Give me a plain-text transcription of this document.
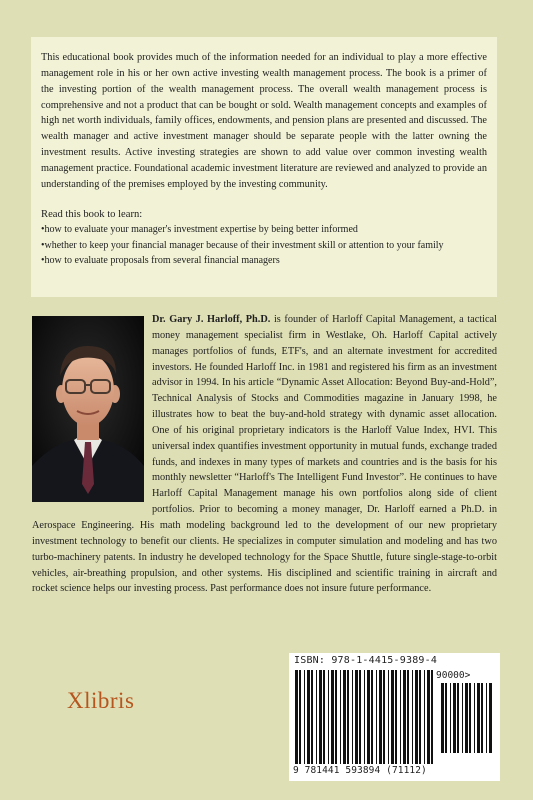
This educational book provides much of the information needed for an individual to play a more effective management role in his or her own active investing wealth management process. The book is a primer of the investing portion of the wealth management process. The overall wealth management process is comprehensive and not a product that can be bought or sold. Wealth management concepts and examples of high net worth individuals, family offices, endowments, and pension plans are presented and discussed. The wealth manager and active investment manager should be separate people with the latter owning the investment results. Active investing strategies are shown to add value over common investing wealth management practice. Foundational academic investment literature are reviewed and analyzed to provide an understanding of the premises employed by the investing community.

Read this book to learn:

• how to evaluate your manager's investment expertise by being better informed
• whether to keep your financial manager because of their investment skill or attention to your family
• how to evaluate proposals from several financial managers
Dr. Gary J. Harloff, Ph.D. is founder of Harloff Capital Management, a tactical money management specialist firm in Westlake, Oh. Harloff Capital actively manages portfolios of funds, ETF's, and an alternate investment for accredited investors. He founded Harloff Inc. in 1981 and registered his firm as an investment advisor in 1994. In his article “Dynamic Asset Allocation: Beyond Buy-and-Hold”, Technical Analysis of Stocks and Commodities magazine in January 1998, he illustrates how to beat the buy-and-hold strategy with dynamic asset allocation. One of his original proprietary indicators is the Harloff Value Index, HVI. This universal index quantifies investment opportunity in mutual funds, exchange traded funds, and indexes in many types of markets and countries and is the basis for his monthly newsletter “Harloff's The Intelligent Fund Investor”. He continues to have Harloff Capital Management manage his own portfolios along side of client portfolios. Prior to becoming a money manager, Dr. Harloff earned a Ph.D. in Aerospace Engineering. His math modeling background led to the development of our new proprietary investment technology to benefit our clients. He specializes in computer simulation and modeling and has two turbo-machinery patents. In industry he developed technology for the Space Shuttle, future single-stage-to-orbit vehicles, air-breathing propulsion, and other systems. His disciplined and scientific training in aircraft and rocket science helps our investing process. Past performance does not insure future performance.
Xlibris
ISBN: 978-1-4415-9389-4
90000>
9 781441 593894 (71112)
